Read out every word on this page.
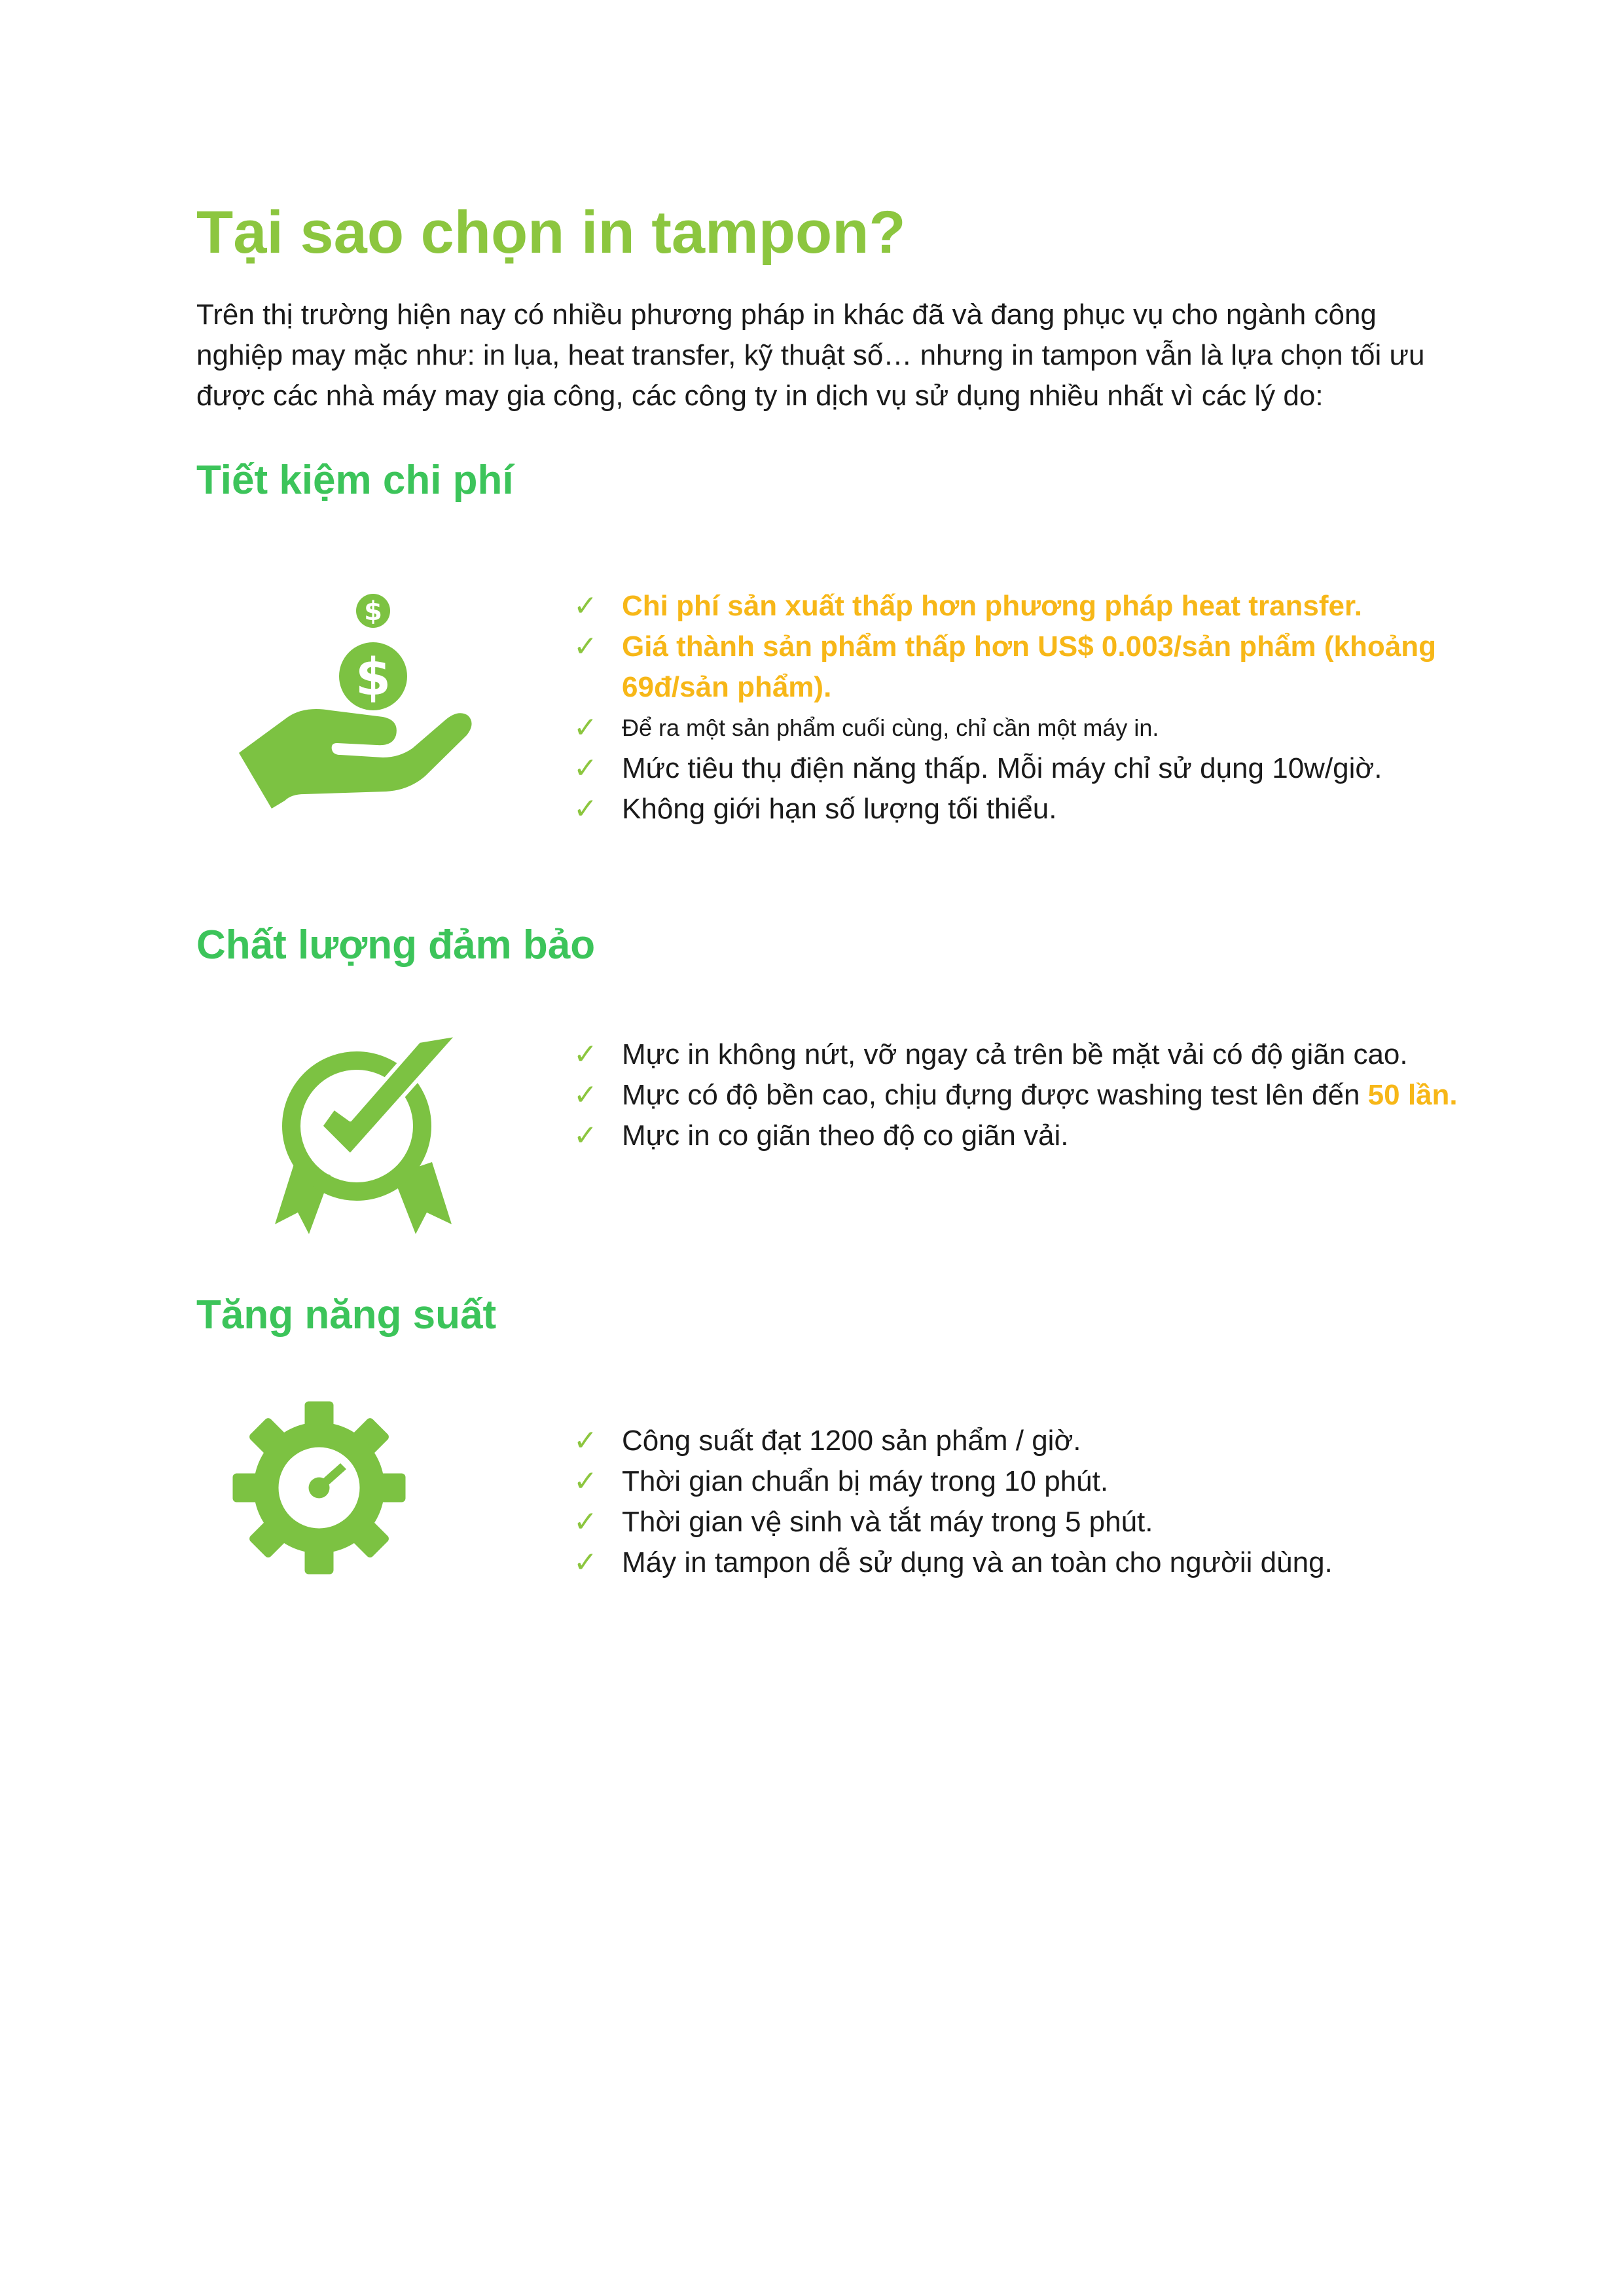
Tại sao chọn in tampon?

Trên thị trường hiện nay có nhiều phương pháp in khác đã và đang phục vụ cho ngành công nghiệp may mặc như: in lụa, heat transfer, kỹ thuật số… nhưng in tampon vẫn là lựa chọn tối ưu được các nhà máy may gia công, các công ty in dịch vụ sử dụng nhiều nhất vì các lý do:

Tiết kiệm chi phí
$
$
✓ Chi phí sản xuất thấp hơn phương pháp heat transfer.
✓ Giá thành sản phẩm thấp hơn US$ 0.003/sản phẩm (khoảng 69đ/sản phẩm).
✓ Để ra một sản phẩm cuối cùng, chỉ cần một máy in.
✓ Mức tiêu thụ điện năng thấp. Mỗi máy chỉ sử dụng 10w/giờ.
✓ Không giới hạn số lượng tối thiểu.
Chất lượng đảm bảo
✓ Mực in không nứt, vỡ ngay cả trên bề mặt vải có độ giãn cao.
✓ Mực có độ bền cao, chịu đựng được washing test lên đến 50 lần.
✓ Mực in co giãn theo độ co giãn vải.
Tăng năng suất
✓ Công suất đạt 1200 sản phẩm / giờ.
✓ Thời gian chuẩn bị máy trong 10 phút.
✓ Thời gian vệ sinh và tắt máy trong 5 phút.
✓ Máy in tampon dễ sử dụng và an toàn cho ngườii dùng.
